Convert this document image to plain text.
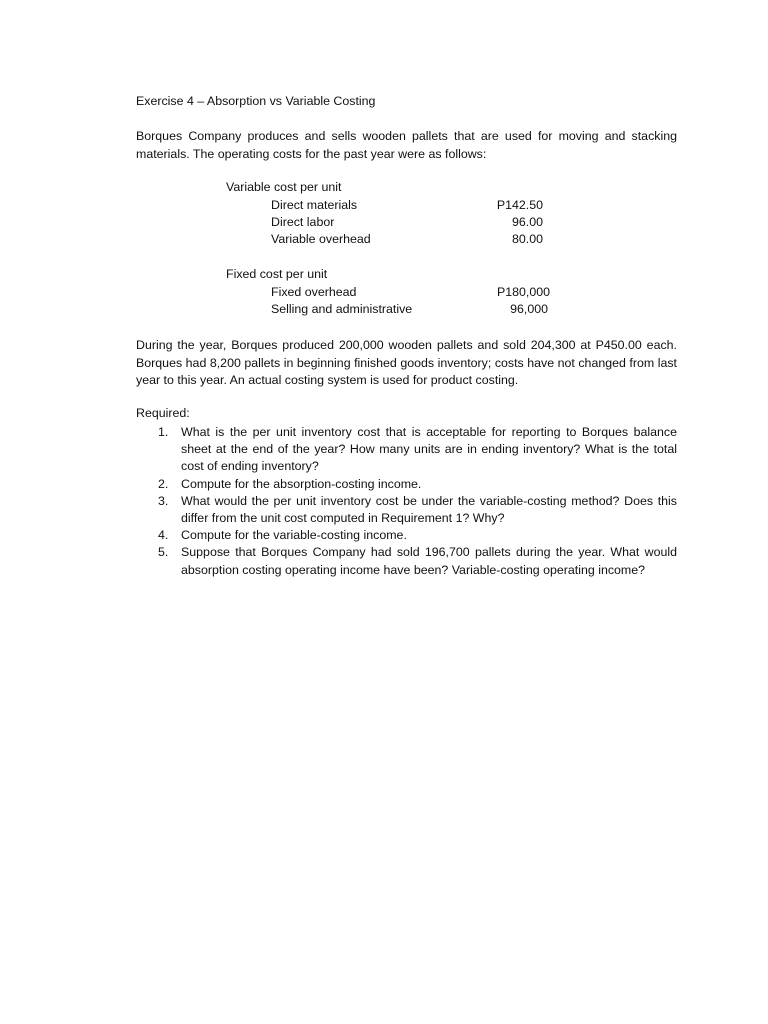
Exercise 4 – Absorption vs Variable Costing
Borques Company produces and sells wooden pallets that are used for moving and stacking materials. The operating costs for the past year were as follows:
Variable cost per unit
Direct materials	P142.50
Direct labor	96.00
Variable overhead	80.00
Fixed cost per unit
Fixed overhead	P180,000
Selling and administrative	96,000
During the year, Borques produced 200,000 wooden pallets and sold 204,300 at P450.00 each. Borques had 8,200 pallets in beginning finished goods inventory; costs have not changed from last year to this year. An actual costing system is used for product costing.
Required:
1. What is the per unit inventory cost that is acceptable for reporting to Borques balance sheet at the end of the year? How many units are in ending inventory? What is the total cost of ending inventory?
2. Compute for the absorption-costing income.
3. What would the per unit inventory cost be under the variable-costing method? Does this differ from the unit cost computed in Requirement 1? Why?
4. Compute for the variable-costing income.
5. Suppose that Borques Company had sold 196,700 pallets during the year. What would absorption costing operating income have been? Variable-costing operating income?
